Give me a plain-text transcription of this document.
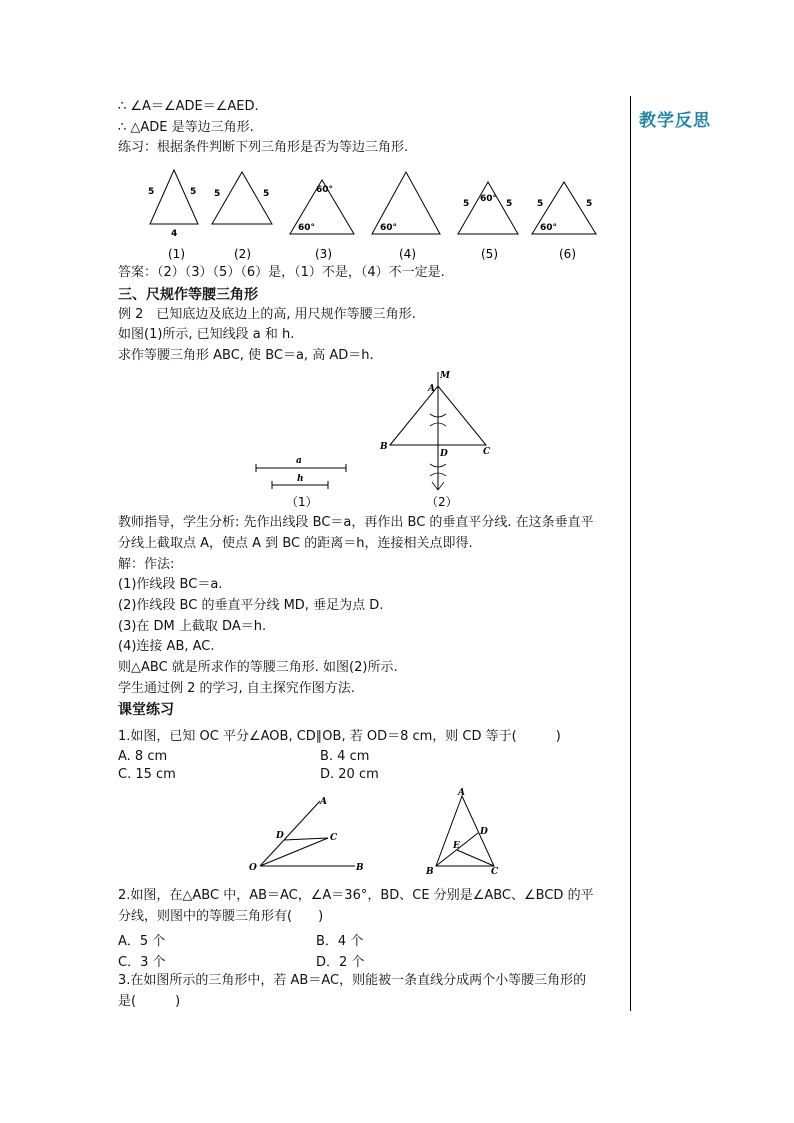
教学反思
∴ ∠A＝∠ADE＝∠AED.
∴ △ADE 是等边三角形.
练习：根据条件判断下列三角形是否为等边三角形.
5	5
4
(1)
5	5
(2)
60°
60°
(3)
60°
(4)
5 60° 5
(5)
5	5
60°
(6)
答案：（2）（3）（5）（6）是，（1）不是，（4）不一定是.
三、尺规作等腰三角形
例 2　已知底边及底边上的高, 用尺规作等腰三角形.
如图(1)所示, 已知线段 a 和 h.
求作等腰三角形 ABC, 使 BC＝a, 高 AD＝h.
a
h
（1）
A
M
B
D	C
（2）
教师指导，学生分析: 先作出线段 BC＝a，再作出 BC 的垂直平分线. 在这条垂直平
分线上截取点 A，使点 A 到 BC 的距离＝h，连接相关点即得.
解：作法:
(1)作线段 BC＝a.
(2)作线段 BC 的垂直平分线 MD, 垂足为点 D.
(3)在 DM 上截取 DA＝h.
(4)连接 AB, AC.
则△ABC 就是所求作的等腰三角形. 如图(2)所示.
学生通过例 2 的学习, 自主探究作图方法.
课堂练习
1.如图，已知 OC 平分∠AOB, CD∥OB, 若 OD＝8 cm，则 CD 等于(　　　)
A. 8 cm	B. 4 cm
C. 15 cm	D. 20 cm
A
D	C
O	B
A
E
D
B	C
2.如图，在△ABC 中，AB＝AC，∠A＝36°，BD、CE 分别是∠ABC、∠BCD 的平
分线，则图中的等腰三角形有(　　)
A．5 个	B．4 个
C．3 个	D．2 个
3.在如图所示的三角形中，若 AB＝AC，则能被一条直线分成两个小等腰三角形的
是(　　　)
